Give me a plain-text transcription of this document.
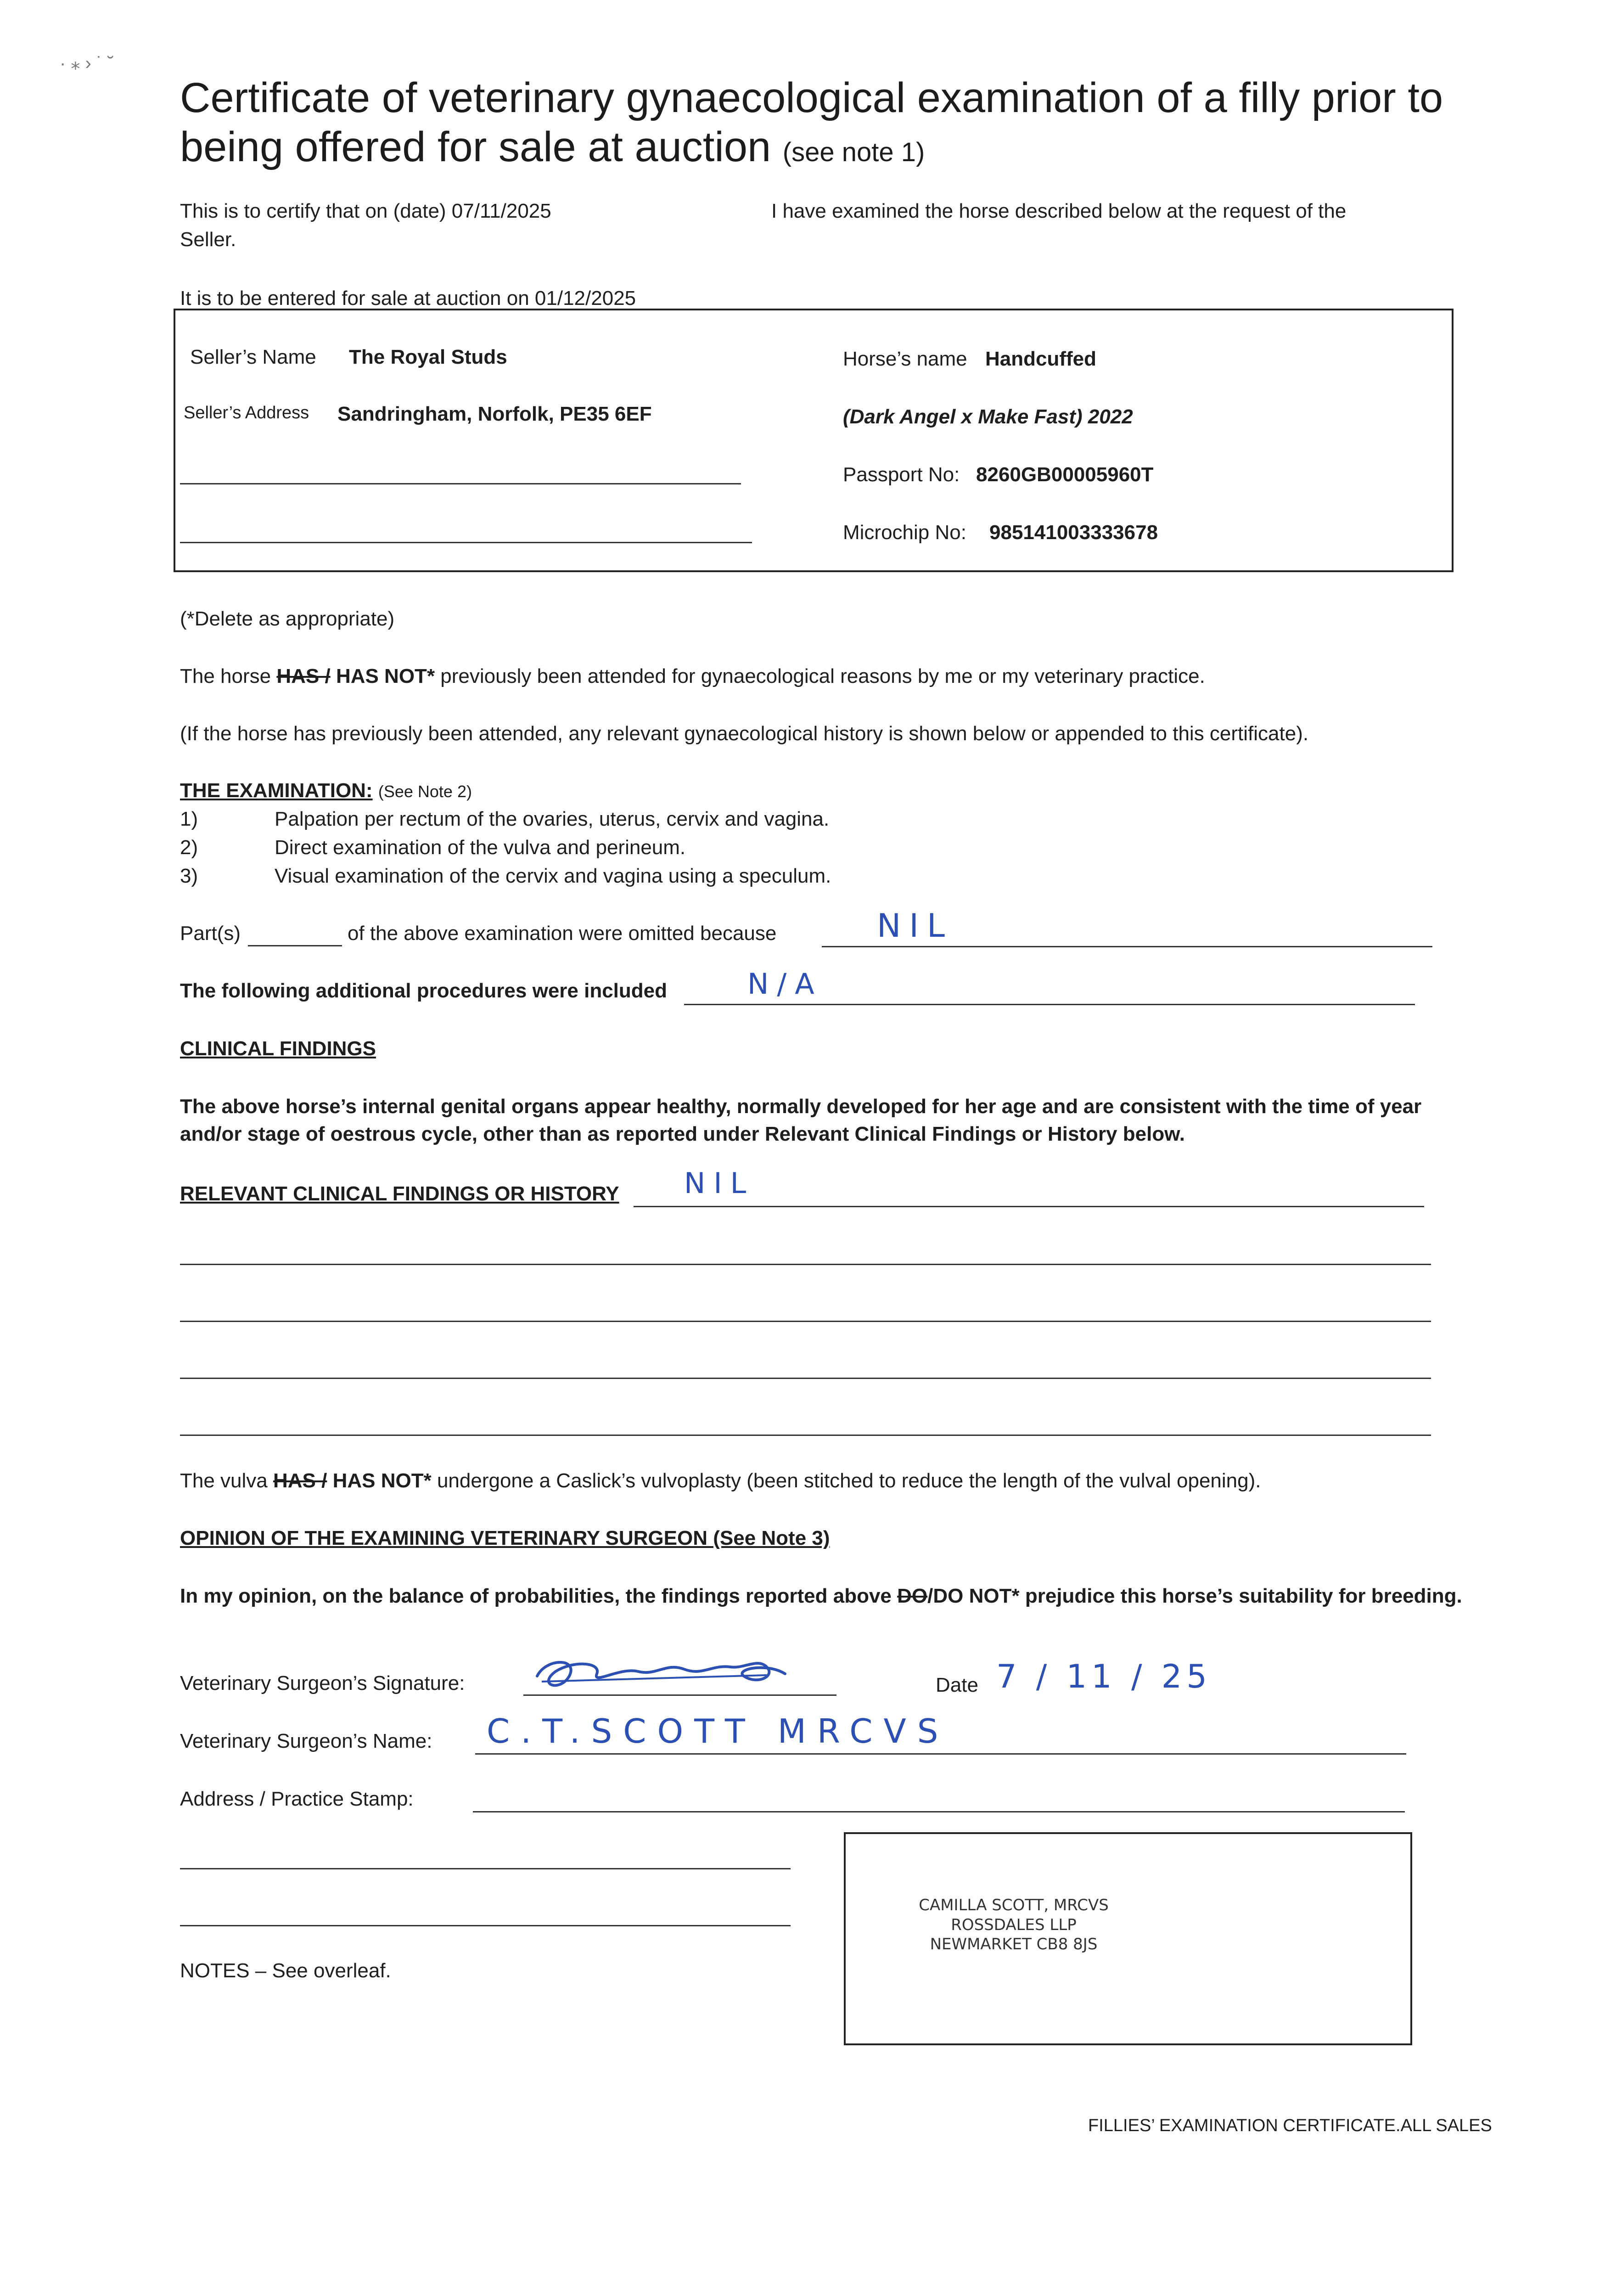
· ⁎ › ˙ ˘
Certificate of veterinary gynaecological examination of a filly prior to being offered for sale at auction (see note 1)
This is to certify that on (date) 07/11/2025	I have examined the horse described below at the request of the
Seller.
It is to be entered for sale at auction on 01/12/2025
Seller’s Name The Royal Studs
Seller’s Address Sandringham, Norfolk, PE35 6EF
Horse’s name Handcuffed
(Dark Angel x Make Fast) 2022
Passport No: 8260GB00005960T
Microchip No: 985141003333678
(*Delete as appropriate)
The horse HAS / HAS NOT* previously been attended for gynaecological reasons by me or my veterinary practice.
(If the horse has previously been attended, any relevant gynaecological history is shown below or appended to this certificate).
THE EXAMINATION: (See Note 2)
1)	Palpation per rectum of the ovaries, uterus, cervix and vagina.
2)	Direct examination of the vulva and perineum.
3)	Visual examination of the cervix and vagina using a speculum.
Part(s)	of the above examination were omitted because	NIL
The following additional procedures were included	N/A
CLINICAL FINDINGS
The above horse’s internal genital organs appear healthy, normally developed for her age and are consistent with the time of year and/or stage of oestrous cycle, other than as reported under Relevant Clinical Findings or History below.
RELEVANT CLINICAL FINDINGS OR HISTORY NIL
The vulva HAS / HAS NOT* undergone a Caslick’s vulvoplasty (been stitched to reduce the length of the vulval opening).
OPINION OF THE EXAMINING VETERINARY SURGEON (See Note 3)
In my opinion, on the balance of probabilities, the findings reported above DO/DO NOT* prejudice this horse’s suitability for breeding.
Veterinary Surgeon’s Signature:	Date 7 / 11 / 25
Veterinary Surgeon’s Name: C.T.SCOTT MRCVS
Address / Practice Stamp:
CAMILLA SCOTT, MRCVS
ROSSDALES LLP
NEWMARKET CB8 8JS
NOTES – See overleaf.
FILLIES’ EXAMINATION CERTIFICATE.ALL SALES
